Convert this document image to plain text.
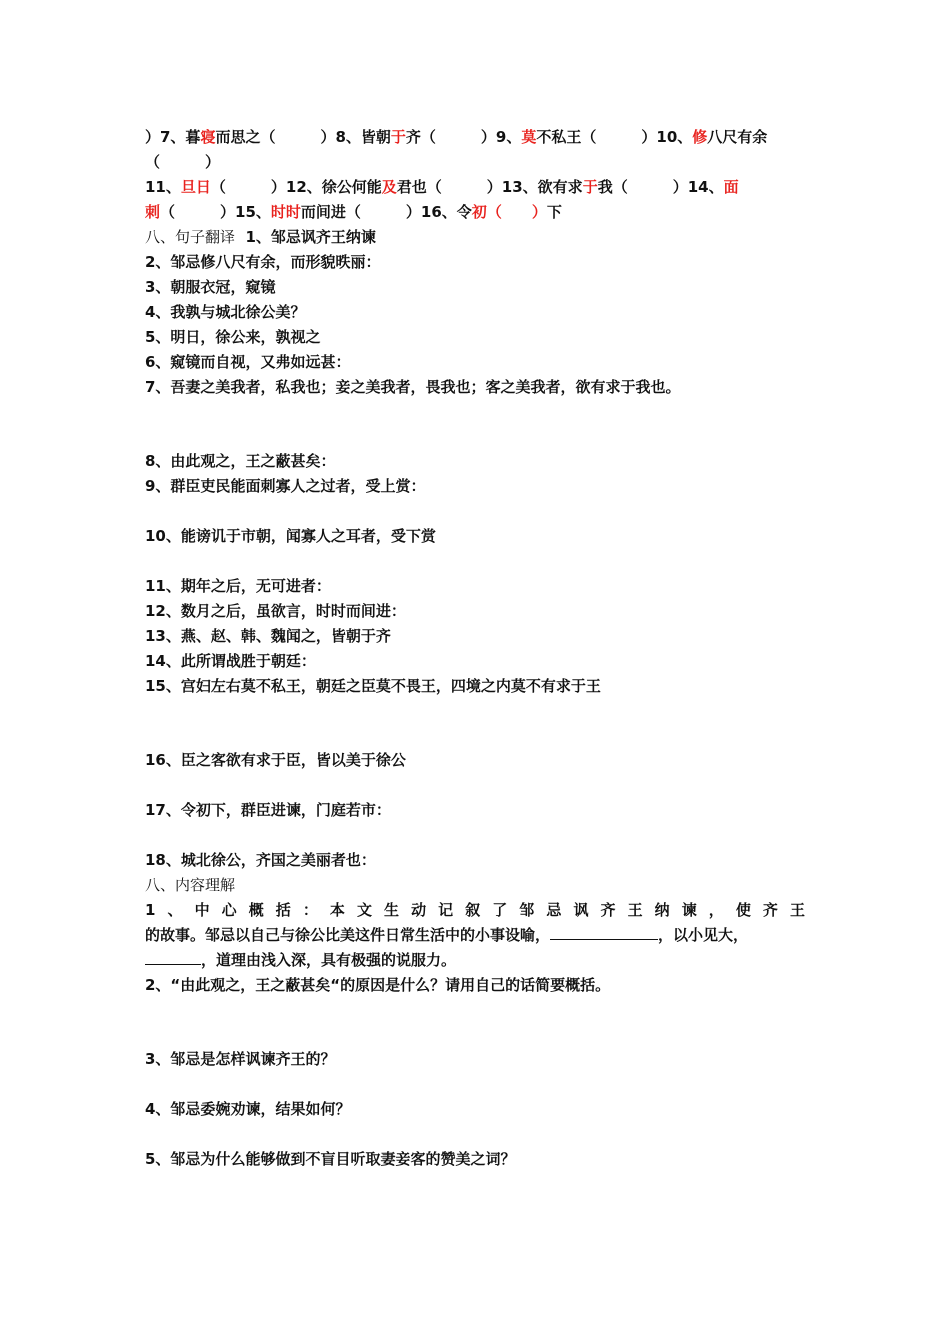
）7、暮寝而思之（　　　）8、皆朝于齐（　　　）9、莫不私王（　　　）10、修八尺有余
（　　　）
11、旦日（　　　）12、徐公何能及君也（　　　）13、欲有求于我（　　　）14、面
刺（　　　）15、时时而间进（　　　）16、令初（　　）下
八、句子翻译 1、邹忌讽齐王纳谏
2、邹忌修八尺有余，而形貌昳丽：
3、朝服衣冠，窥镜
4、我孰与城北徐公美？
5、明日，徐公来，孰视之
6、窥镜而自视，又弗如远甚：
7、吾妻之美我者，私我也；妾之美我者，畏我也；客之美我者，欲有求于我也。
8、由此观之，王之蔽甚矣：
9、群臣吏民能面刺寡人之过者，受上赏：
10、能谤讥于市朝，闻寡人之耳者，受下赏
11、期年之后，无可进者：
12、数月之后，虽欲言，时时而间进：
13、燕、赵、韩、魏闻之，皆朝于齐
14、此所谓战胜于朝廷：
15、宫妇左右莫不私王，朝廷之臣莫不畏王，四境之内莫不有求于王
16、臣之客欲有求于臣，皆以美于徐公
17、令初下，群臣进谏，门庭若市：
18、城北徐公，齐国之美丽者也：
八、内容理解
1、中心概括：本文生动记叙了邹忌讽齐王纳谏，使齐王
的故事。邹忌以自己与徐公比美这件日常生活中的小事设喻，	，以小见大，
，道理由浅入深，具有极强的说服力。
2、“由此观之，王之蔽甚矣“的原因是什么？请用自己的话简要概括。
3、邹忌是怎样讽谏齐王的？
4、邹忌委婉劝谏，结果如何？
5、邹忌为什么能够做到不盲目听取妻妾客的赞美之词？
